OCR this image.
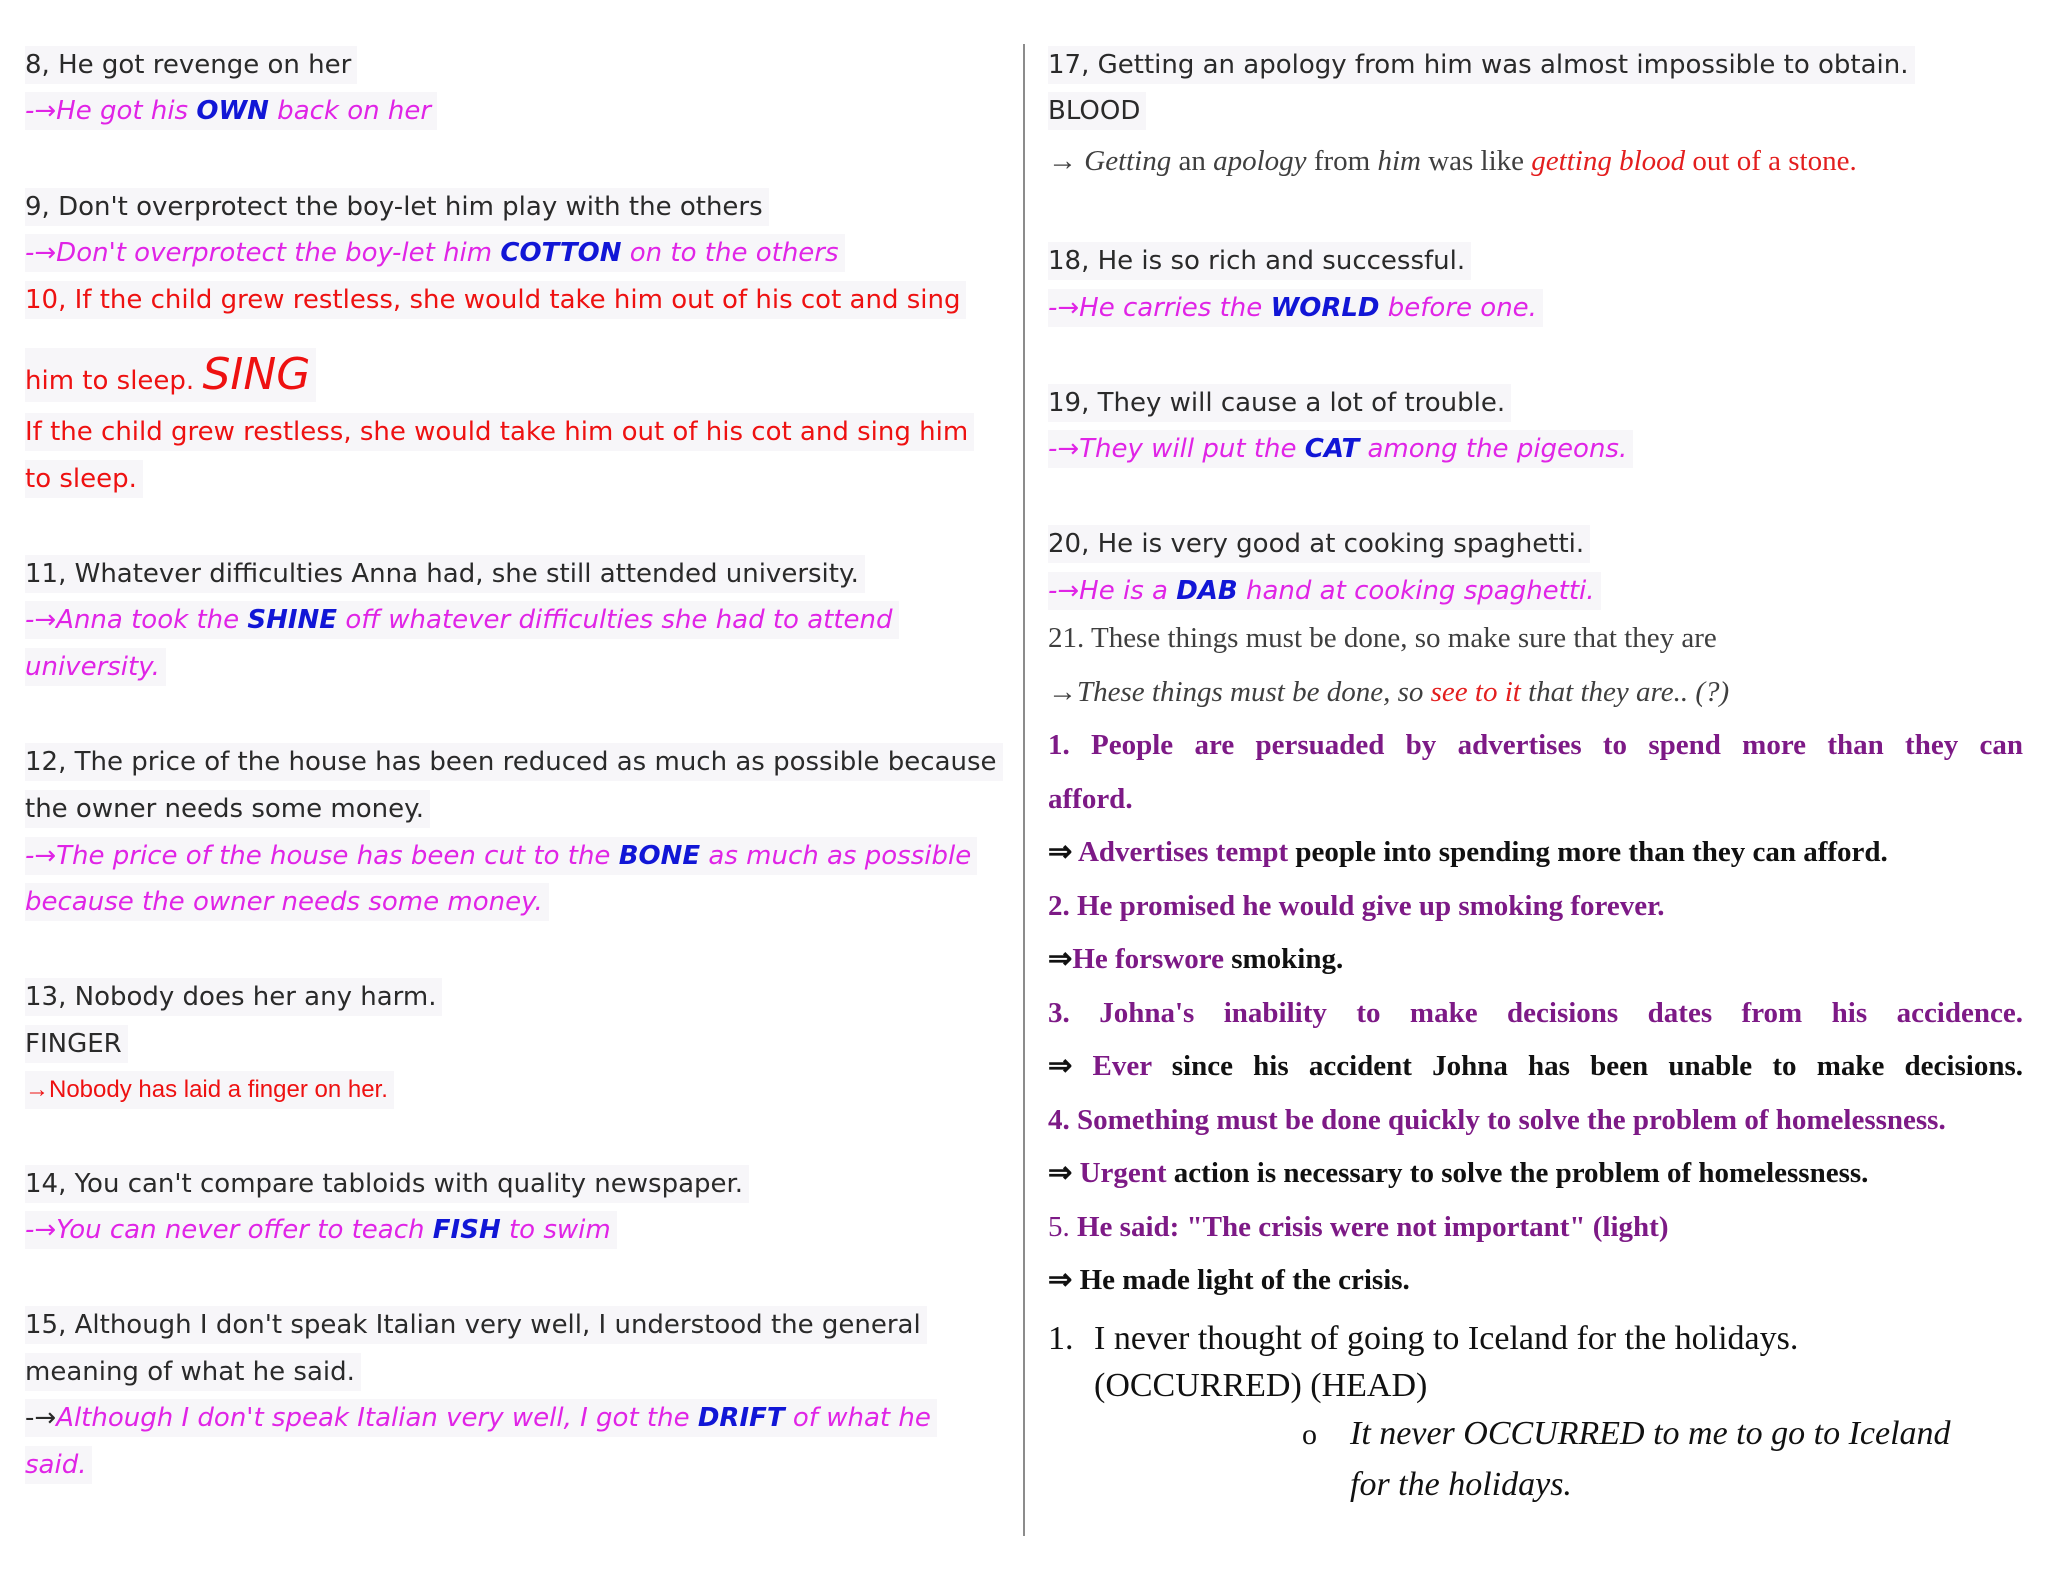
8, He got revenge on her
-→He got his OWN back on her
9, Don't overprotect the boy-let him play with the others
-→Don't overprotect the boy-let him COTTON on to the others
10, If the child grew restless, she would take him out of his cot and sing
him to sleep. SING
If the child grew restless, she would take him out of his cot and sing him
to sleep.
11, Whatever difficulties Anna had, she still attended university.
-→Anna took the SHINE off whatever difficulties she had to attend
university.
12, The price of the house has been reduced as much as possible because
the owner needs some money.
-→The price of the house has been cut to the BONE as much as possible
because the owner needs some money.
13, Nobody does her any harm.
FINGER
→Nobody has laid a finger on her.
14, You can't compare tabloids with quality newspaper.
-→You can never offer to teach FISH to swim
15, Although I don't speak Italian very well, I understood the general
meaning of what he said.
-→Although I don't speak Italian very well, I got the DRIFT of what he
said.
17, Getting an apology from him was almost impossible to obtain.
BLOOD
→ Getting an apology from him was like getting blood out of a stone.
18, He is so rich and successful.
-→He carries the WORLD before one.
19, They will cause a lot of trouble.
-→They will put the CAT among the pigeons.
20, He is very good at cooking spaghetti.
-→He is a DAB hand at cooking spaghetti.
21. These things must be done, so make sure that they are
→These things must be done, so see to it that they are.. (?)
1. People are persuaded by advertises to spend more than they can
afford.
⇒ Advertises tempt people into spending more than they can afford.
2. He promised he would give up smoking forever.
⇒He forswore smoking.
3. Johna's inability to make decisions dates from his accidence.
⇒ Ever since his accident Johna has been unable to make decisions.
4. Something must be done quickly to solve the problem of homelessness.
⇒ Urgent action is necessary to solve the problem of homelessness.
5. He said: "The crisis were not important" (light)
⇒ He made light of the crisis.
1. I never thought of going to Iceland for the holidays.
(OCCURRED) (HEAD)
o It never OCCURRED to me to go to Iceland
for the holidays.
